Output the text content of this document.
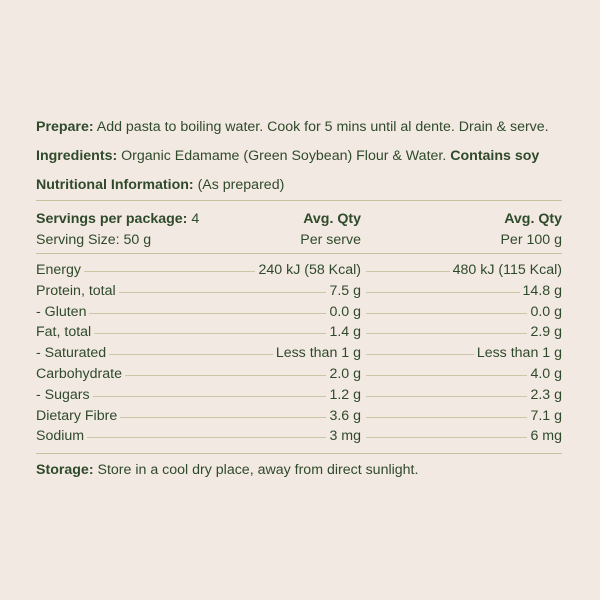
Prepare: Add pasta to boiling water. Cook for 5 mins until al dente. Drain & serve.
Ingredients: Organic Edamame (Green Soybean) Flour & Water. Contains soy
Nutritional Information: (As prepared)
Servings per package: 4	Avg. Qty	Avg. Qty
Serving Size: 50 g	Per serve	Per 100 g
Energy	240 kJ (58 Kcal)	480 kJ (115 Kcal)
Protein, total	7.5 g	14.8 g
- Gluten	0.0 g	0.0 g
Fat, total	1.4 g	2.9 g
- Saturated	Less than 1 g	Less than 1 g
Carbohydrate	2.0 g	4.0 g
- Sugars	1.2 g	2.3 g
Dietary Fibre	3.6 g	7.1 g
Sodium	3 mg	6 mg
Storage: Store in a cool dry place, away from direct sunlight.
